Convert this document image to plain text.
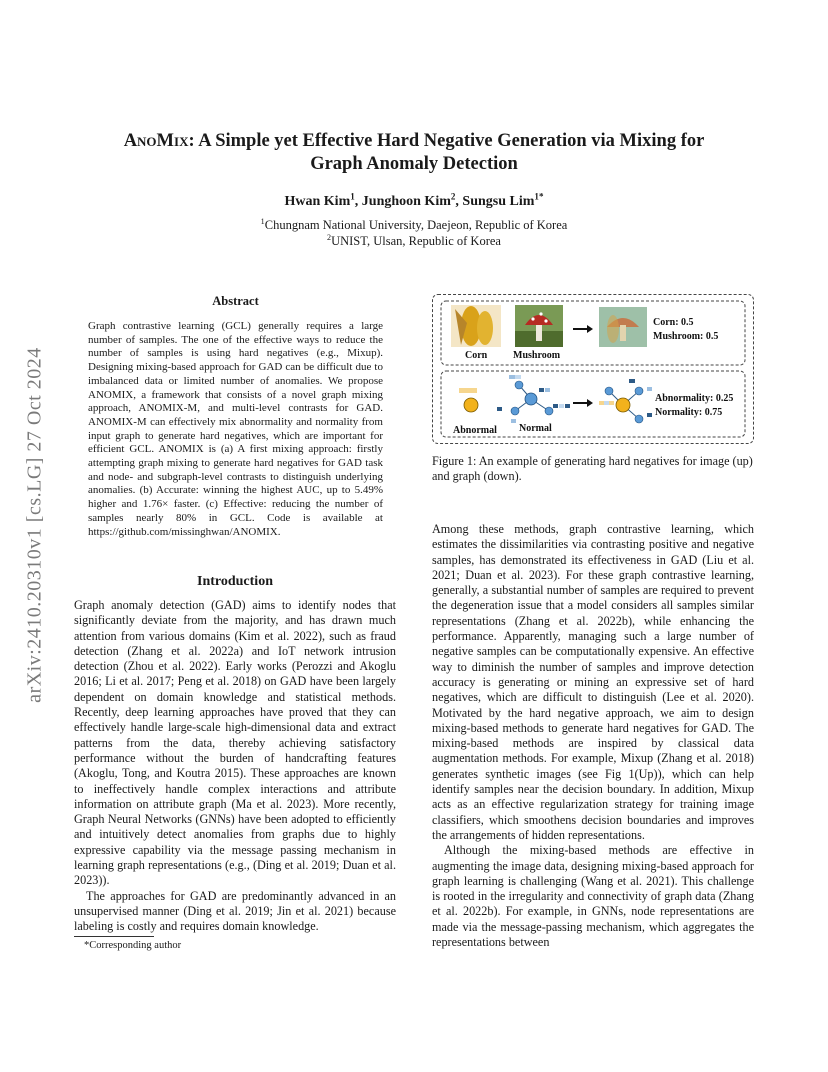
arXiv:2410.20310v1 [cs.LG] 27 Oct 2024
AnoMix: A Simple yet Effective Hard Negative Generation via Mixing for
Graph Anomaly Detection
Hwan Kim$^1$, Junghoon Kim$^2$, Sungsu Lim$^{1*}$
$^1$Chungnam National University, Daejeon, Republic of Korea
$^2$UNIST, Ulsan, Republic of Korea
Abstract
Graph contrastive learning (GCL) generally requires a large number of samples. The one of the effective ways to reduce the number of samples is using hard negatives (e.g., Mixup). Designing mixing-based approach for GAD can be difficult due to imbalanced data or limited number of anomalies. We propose ANOMIX, a framework that consists of a novel graph mixing approach, ANOMIX-M, and multi-level contrasts for GAD. ANOMIX-M can effectively mix abnormality and normality from input graph to generate hard negatives, which are important for efficient GCL. ANOMIX is (a) A first mixing approach: firstly attempting graph mixing to generate hard negatives for GAD task and node- and subgraph-level contrasts to distinguish underlying anomalies. (b) Accurate: winning the highest AUC, up to 5.49% higher and 1.76× faster. (c) Effective: reducing the number of samples nearly 80% in GCL. Code is available at https://github.com/missinghwan/ANOMIX.
Introduction

Graph anomaly detection (GAD) aims to identify nodes that significantly deviate from the majority, and has drawn much attention from various domains (Kim et al. 2022), such as fraud detection (Zhang et al. 2022a) and IoT network intrusion detection (Zhou et al. 2022). Early works (Perozzi and Akoglu 2016; Li et al. 2017; Peng et al. 2018) on GAD have been largely dependent on domain knowledge and statistical methods. Recently, deep learning approaches have proved that they can effectively handle large-scale high-dimensional data and extract patterns from the data, thereby achieving satisfactory performance without the burden of handcrafting features (Akoglu, Tong, and Koutra 2015). These approaches are known to ineffectively handle complex interactions and attribute information on attribute graph (Ma et al. 2023). More recently, Graph Neural Networks (GNNs) have been adopted to efficiently and intuitively detect anomalies from graphs due to highly expressive capability via the message passing mechanism in learning graph representations (e.g., (Ding et al. 2019; Duan et al. 2023)).

The approaches for GAD are predominantly advanced in an unsupervised manner (Ding et al. 2019; Jin et al. 2021) because labeling is costly and requires domain knowledge.

*Corresponding author
Corn	Mushroom
Corn: 0.5
Mushroom: 0.5
Abnormal Normal
Abnormality: 0.25
Normality: 0.75
Figure 1: An example of generating hard negatives for image (up) and graph (down).

Among these methods, graph contrastive learning, which estimates the dissimilarities via contrasting positive and negative samples, has demonstrated its effectiveness in GAD (Liu et al. 2021; Duan et al. 2023). For these graph contrastive learning, generally, a substantial number of samples are required to prevent the degeneration issue that a model considers all samples similar representations (Zhang et al. 2022b), while enhancing the performance. Apparently, managing such a large number of negative samples can be computationally expensive. An effective way to diminish the number of samples and improve detection accuracy is generating or mining an expressive set of hard negatives, which are difficult to distinguish (Lee et al. 2020). Motivated by the hard negative approach, we aim to design mixing-based methods to generate hard negatives for GAD. The mixing-based methods are inspired by classical data augmentation methods. For example, Mixup (Zhang et al. 2018) generates synthetic images (see Fig 1(Up)), which can help identify samples near the decision boundary. In addition, Mixup acts as an effective regularization strategy for training image classifiers, which smoothens decision boundaries and improves the arrangements of hidden representations.

Although the mixing-based methods are effective in augmenting the image data, designing mixing-based approach for graph learning is challenging (Wang et al. 2021). This challenge is rooted in the irregularity and connectivity of graph data (Zhang et al. 2022b). For example, in GNNs, node representations are made via the message-passing mechanism, which aggregates the representations between
